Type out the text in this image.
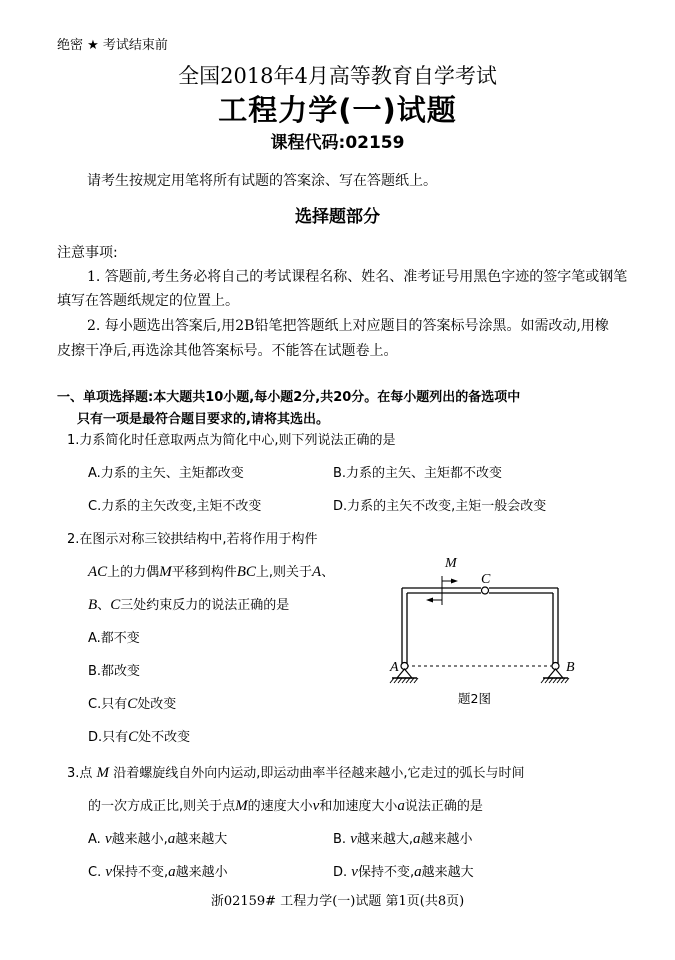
绝密 ★ 考试结束前
全国2018年4月高等教育自学考试
工程力学(一)试题
课程代码:02159
请考生按规定用笔将所有试题的答案涂、写在答题纸上。
选择题部分
注意事项:
1. 答题前,考生务必将自己的考试课程名称、姓名、准考证号用黑色字迹的签字笔或钢笔
填写在答题纸规定的位置上。
2. 每小题选出答案后,用2B铅笔把答题纸上对应题目的答案标号涂黑。如需改动,用橡
皮擦干净后,再选涂其他答案标号。不能答在试题卷上。
一、单项选择题:本大题共10小题,每小题2分,共20分。在每小题列出的备选项中
只有一项是最符合题目要求的,请将其选出。
1.力系简化时任意取两点为简化中心,则下列说法正确的是
A.力系的主矢、主矩都改变	B.力系的主矢、主矩都不改变
C.力系的主矢改变,主矩不改变	D.力系的主矢不改变,主矩一般会改变
2.在图示对称三铰拱结构中,若将作用于构件
AC上的力偶M平移到构件BC上,则关于A、
B、C三处约束反力的说法正确的是
A.都不变
B.都改变
C.只有C处改变
D.只有C处不改变
M
C
A	B
题2图
3.点 M 沿着螺旋线自外向内运动,即运动曲率半径越来越小,它走过的弧长与时间
的一次方成正比,则关于点M的速度大小v和加速度大小a说法正确的是
A. v越来越小,a越来越大	B. v越来越大,a越来越小
C. v保持不变,a越来越小	D. v保持不变,a越来越大
浙02159# 工程力学(一)试题 第1页(共8页)
